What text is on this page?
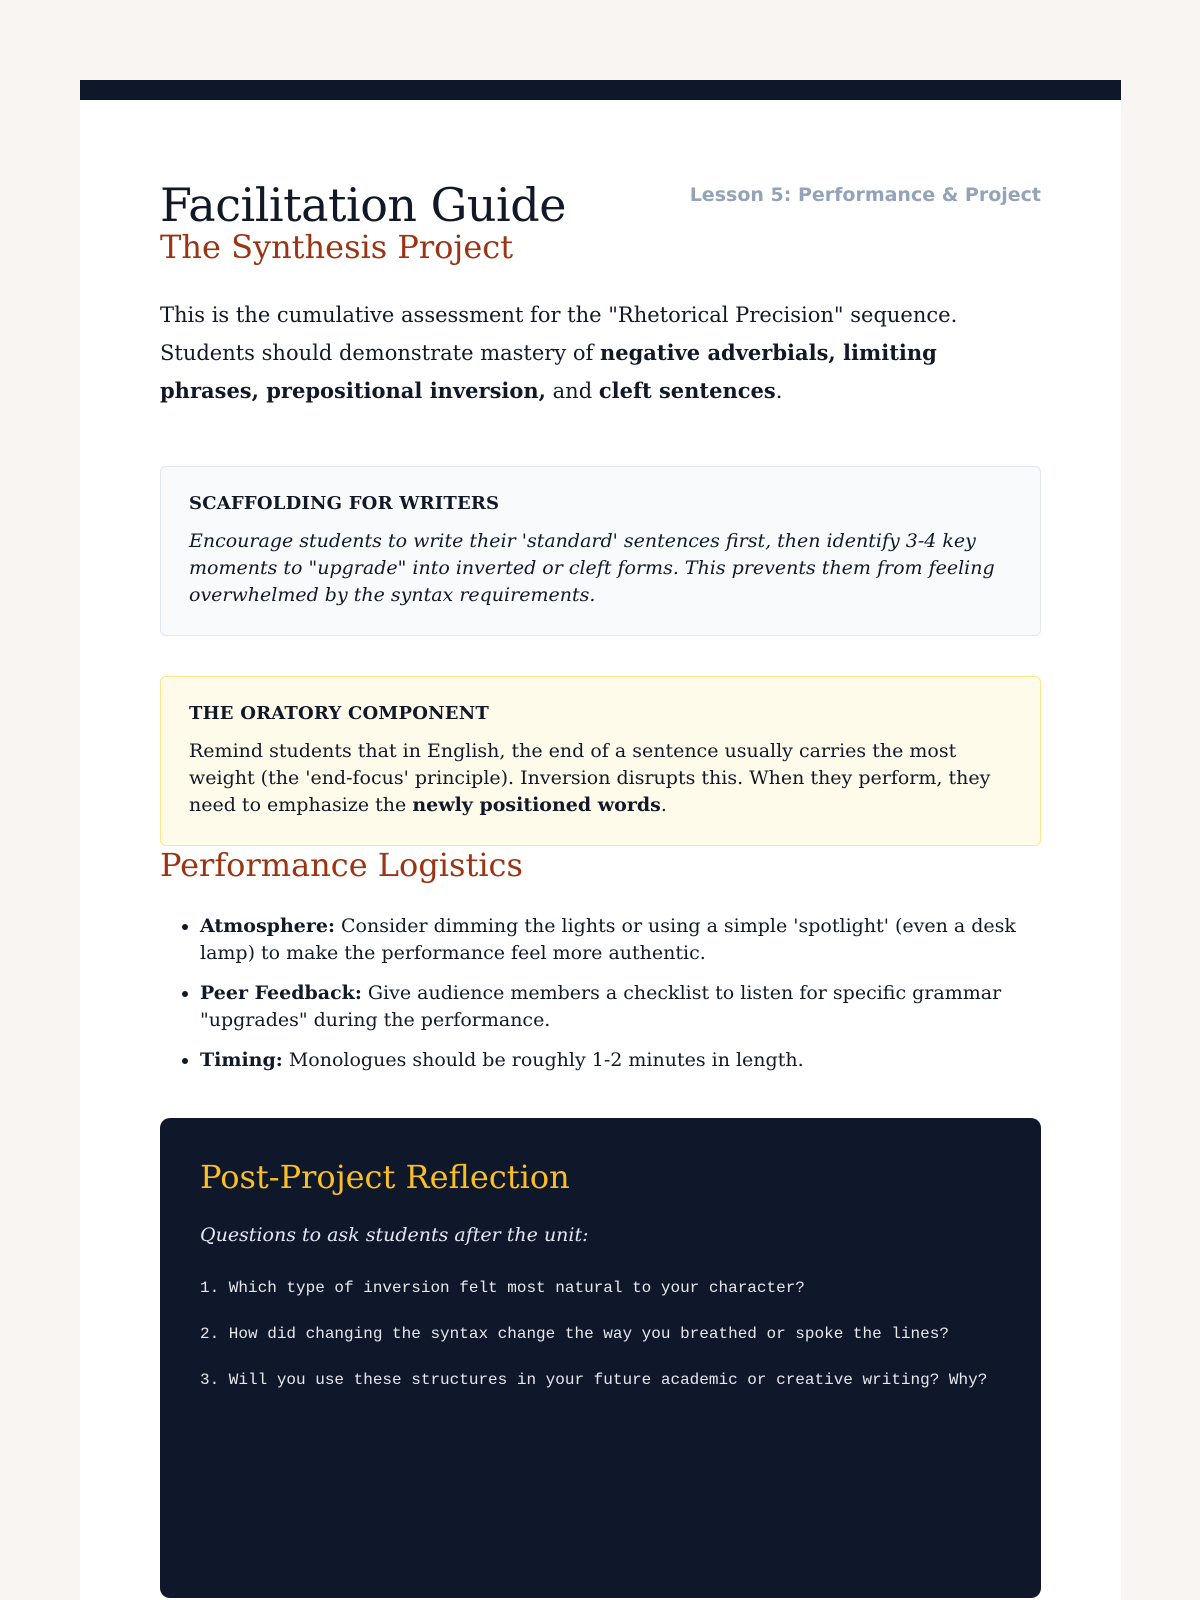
Facilitation Guide	Lesson 5: Performance & Project
The Synthesis Project

This is the cumulative assessment for the "Rhetorical Precision" sequence. Students should demonstrate mastery of negative adverbials, limiting phrases, prepositional inversion, and cleft sentences.

SCAFFOLDING FOR WRITERS

Encourage students to write their 'standard' sentences first, then identify 3-4 key moments to "upgrade" into inverted or cleft forms. This prevents them from feeling overwhelmed by the syntax requirements.

THE ORATORY COMPONENT

Remind students that in English, the end of a sentence usually carries the most weight (the 'end-focus' principle). Inversion disrupts this. When they perform, they need to emphasize the newly positioned words.

Performance Logistics
• Atmosphere: Consider dimming the lights or using a simple 'spotlight' (even a desk lamp) to make the performance feel more authentic.
• Peer Feedback: Give audience members a checklist to listen for specific grammar "upgrades" during the performance.
• Timing: Monologues should be roughly 1-2 minutes in length.
Post-Project Reflection
Questions to ask students after the unit:
1. Which type of inversion felt most natural to your character?
2. How did changing the syntax change the way you breathed or spoke the lines?
3. Will you use these structures in your future academic or creative writing? Why?
